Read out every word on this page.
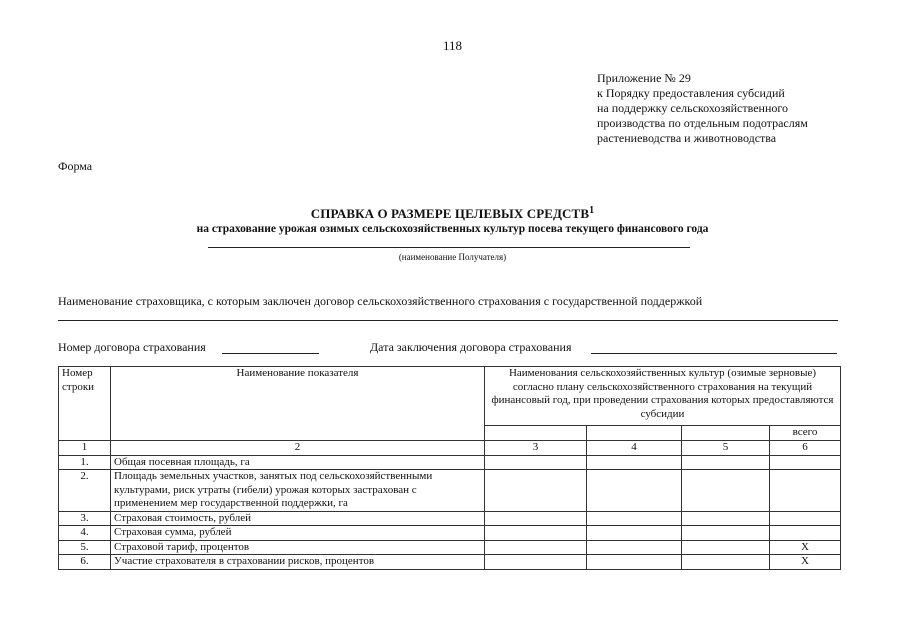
118
Приложение № 29
к Порядку предоставления субсидий
на поддержку сельскохозяйственного
производства по отдельным подотраслям
растениеводства и животноводства
Форма
СПРАВКА О РАЗМЕРЕ ЦЕЛЕВЫХ СРЕДСТВ$^1$
на страхование урожая озимых сельскохозяйственных культур посева текущего финансового года
(наименование Получателя)
Наименование страховщика, с которым заключен договор сельскохозяйственного страхования с государственной поддержкой
Номер договора страхования	Дата заключения договора страхования
Номер строки	Наименование показателя	Наименования сельскохозяйственных культур (озимые зерновые) согласно плану сельскохозяйственного страхования на текущий финансовый год, при проведении страхования которых предоставляются субсидии			
					всего
1	2	3	4	5	6
1.	Общая посевная площадь, га				
2.	Площадь земельных участков, занятых под сельскохозяйственными культурами, риск утраты (гибели) урожая которых застрахован с применением мер государственной поддержки, га				
3.	Страховая стоимость, рублей				
4.	Страховая сумма, рублей				
5.	Страховой тариф, процентов				X
6.	Участие страхователя в страховании рисков, процентов				X
